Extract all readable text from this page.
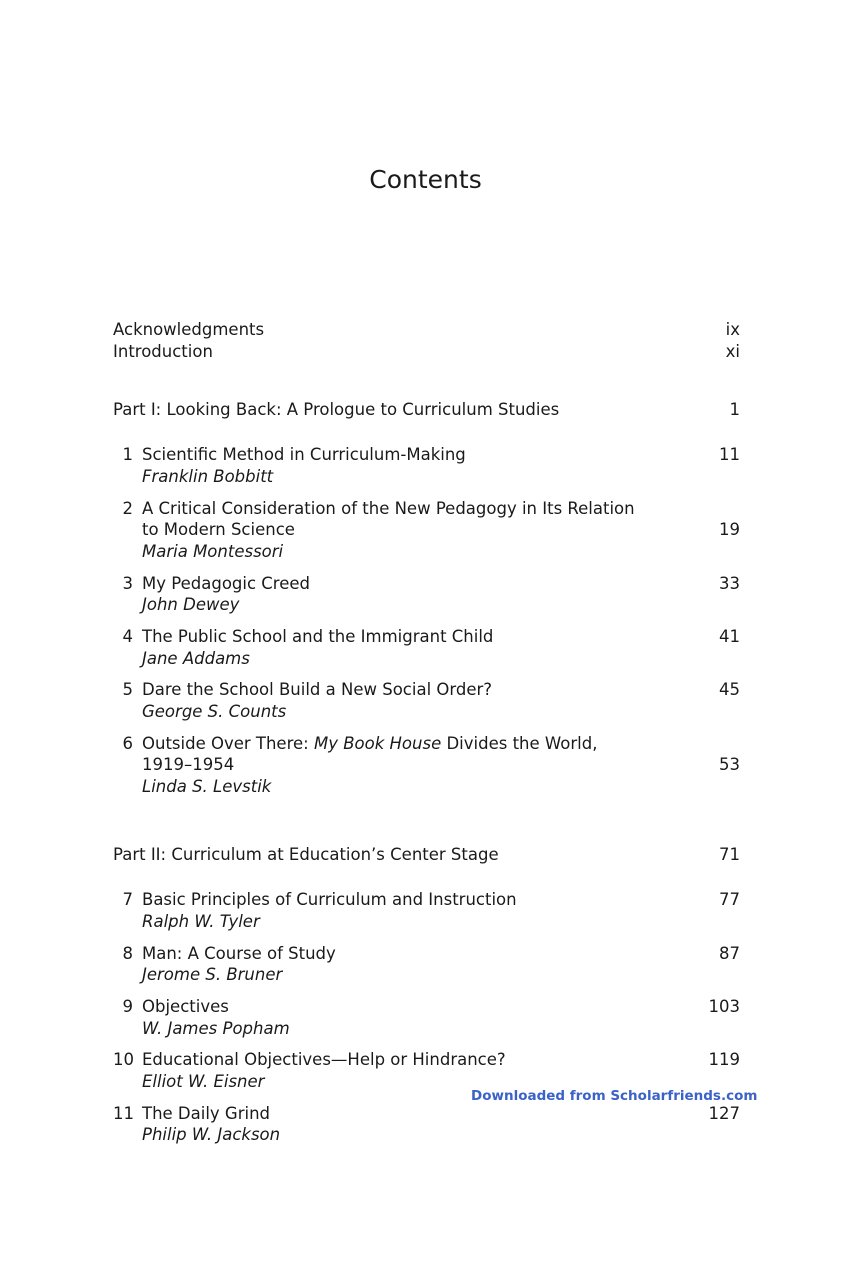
Contents
Acknowledgments	ix
Introduction	xi
Part I: Looking Back: A Prologue to Curriculum Studies	1
1 Scientific Method in Curriculum-Making	11
Franklin Bobbitt
2 A Critical Consideration of the New Pedagogy in Its Relation
to Modern Science	19
Maria Montessori
3 My Pedagogic Creed	33
John Dewey
4 The Public School and the Immigrant Child	41
Jane Addams
5 Dare the School Build a New Social Order?	45
George S. Counts
6 Outside Over There: My Book House Divides the World,
1919–1954	53
Linda S. Levstik
Part II: Curriculum at Education’s Center Stage	71
7 Basic Principles of Curriculum and Instruction	77
Ralph W. Tyler
8 Man: A Course of Study	87
Jerome S. Bruner
9 Objectives	103
W. James Popham
10 Educational Objectives—Help or Hindrance?	119
Elliot W. Eisner
11 The Daily Grind	127
Philip W. Jackson
Downloaded from Scholarfriends.com
